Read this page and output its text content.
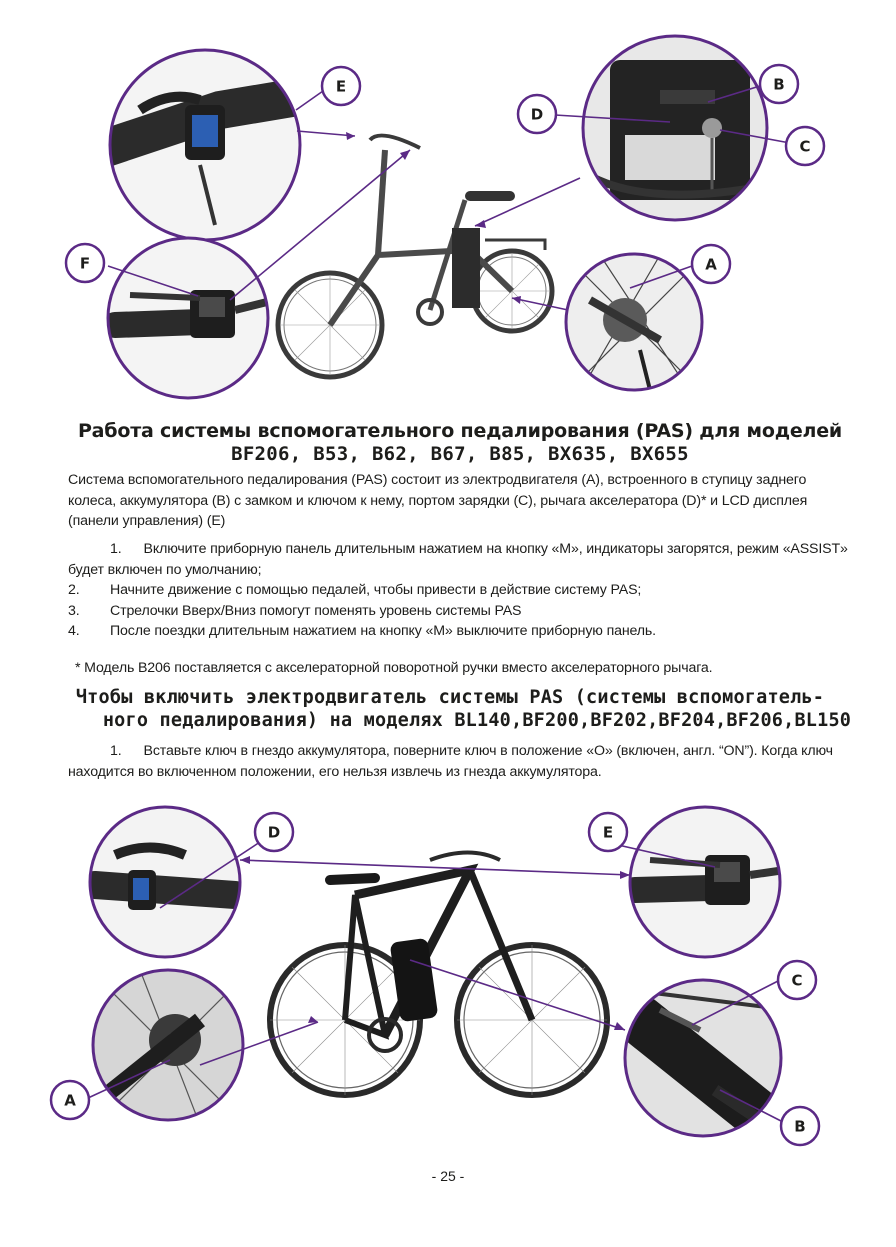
E
D
B
C
F	A
Работа системы вспомогательного педалирования (PAS) для моделей
BF206, B53, B62, B67, B85, BX635, BX655
Система вспомогательного педалирования (PAS) состоит из электродвигателя (A), встроенного в ступицу заднего колеса, аккумулятора (B) с замком и ключом к нему, портом зарядки (C), рычага акселератора (D)* и LCD дисплея (панели управления) (E)
1. Включите приборную панель длительным нажатием на кнопку «M», индикаторы загорятся, режим «ASSIST» будет включен по умолчанию;
2. Начните движение с помощью педалей, чтобы привести в действие систему PAS;
3. Стрелочки Вверх/Вниз помогут поменять уровень системы PAS
4. После поездки длительным нажатием на кнопку «M» выключите приборную панель.
* Модель B206 поставляется с акселераторной поворотной ручки вместо акселераторного рычага.
Чтобы включить электродвигатель системы PAS (системы вспомогатель-
ного педалирования) на моделях BL140,BF200,BF202,BF204,BF206,BL150
1. Вставьте ключ в гнездо аккумулятора, поверните ключ в положение «O» (включен, англ. “ON”). Когда ключ находится во включенном положении, его нельзя извлечь из гнезда аккумулятора.
D	E
C
A
B
- 25 -
